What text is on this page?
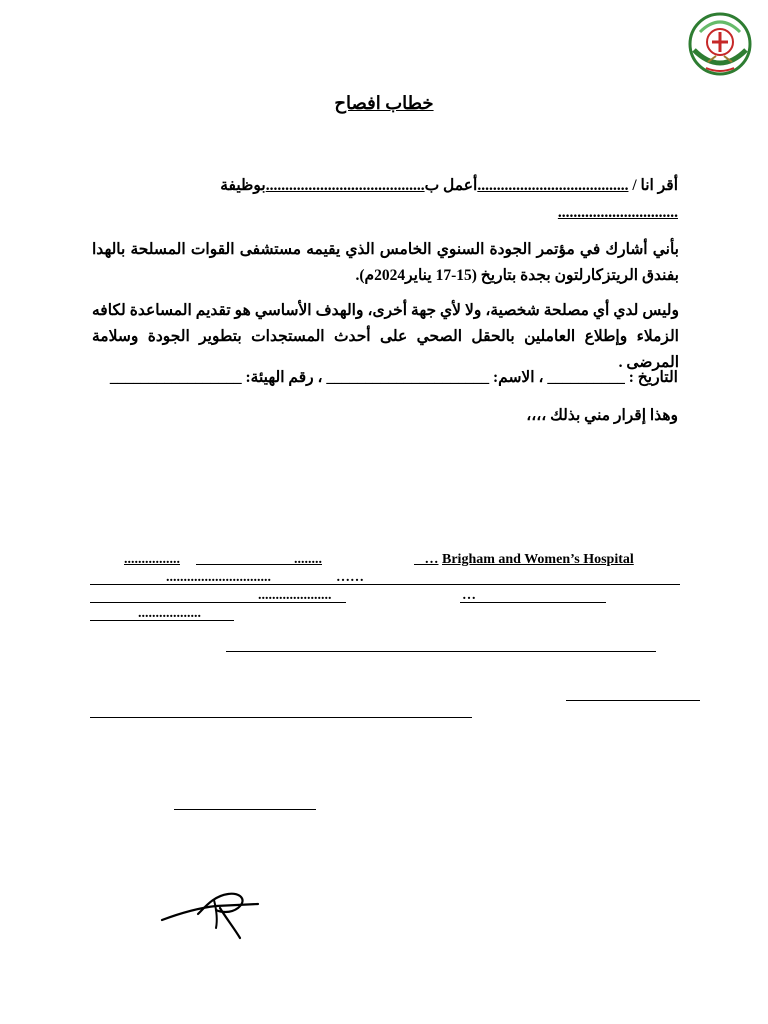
خطاب افصاح
أقر انا / .......................................أعمل ب.........................................بوظيفة
...............................
بأني أشارك في مؤتمر الجودة السنوي الخامس الذي يقيمه مستشفى القوات المسلحة بالهدا بفندق الريتزكارلتون بجدة بتاريخ (15-17 يناير2024م).
وليس لدي أي مصلحة شخصية، ولا لأي جهة أخرى، والهدف الأساسي هو تقديم المساعدة لكافه الزملاء وإطلاع العاملين بالحقل الصحي على أحدث المستجدات بتطوير الجودة وسلامة المرضى .
التاريخ : __________ ، الاسم: _____________________ ، رقم الهيئة: _________________
وهذا إقرار مني بذلك ،،،،
................	........	… Brigham and Women’s Hospital
..............................	……
.....................	…
..................
